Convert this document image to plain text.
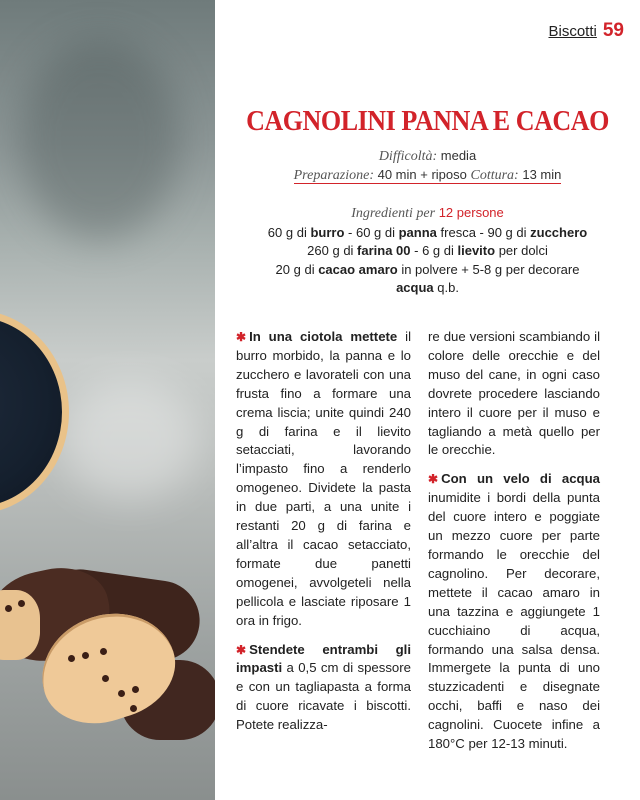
Biscotti 59
CAGNOLINI PANNA E CACAO
Difficoltà: media
Preparazione: 40 min + riposo Cottura: 13 min
Ingredienti per 12 persone
60 g di burro - 60 g di panna fresca - 90 g di zucchero
260 g di farina 00 - 6 g di lievito per dolci
20 g di cacao amaro in polvere + 5-8 g per decorare
acqua q.b.

✱ In una ciotola mettete il burro morbido, la panna e lo zucchero e lavorateli con una frusta fino a formare una crema liscia; unite quindi 240 g di farina e il lievito setacciati, lavorando l’impasto fino a renderlo omogeneo. Dividete la pasta in due parti, a una unite i restanti 20 g di farina e all’altra il cacao setacciato, formate due panetti omogenei, avvolgeteli nella pellicola e lasciate riposare 1 ora in frigo.

✱ Stendete entrambi gli impasti a 0,5 cm di spessore e con un tagliapasta a forma di cuore ricavate i biscotti. Potete realizza-

re due versioni scambiando il colore delle orecchie e del muso del cane, in ogni caso dovrete procedere lasciando intero il cuore per il muso e tagliando a metà quello per le orecchie.

✱ Con un velo di acqua inumidite i bordi della punta del cuore intero e poggiate un mezzo cuore per parte formando le orecchie del cagnolino. Per decorare, mettete il cacao amaro in una tazzina e aggiungete 1 cucchiaino di acqua, formando una salsa densa. Immergete la punta di uno stuzzicadenti e disegnate occhi, baffi e naso dei cagnolini. Cuocete infine a 180°C per 12-13 minuti.
